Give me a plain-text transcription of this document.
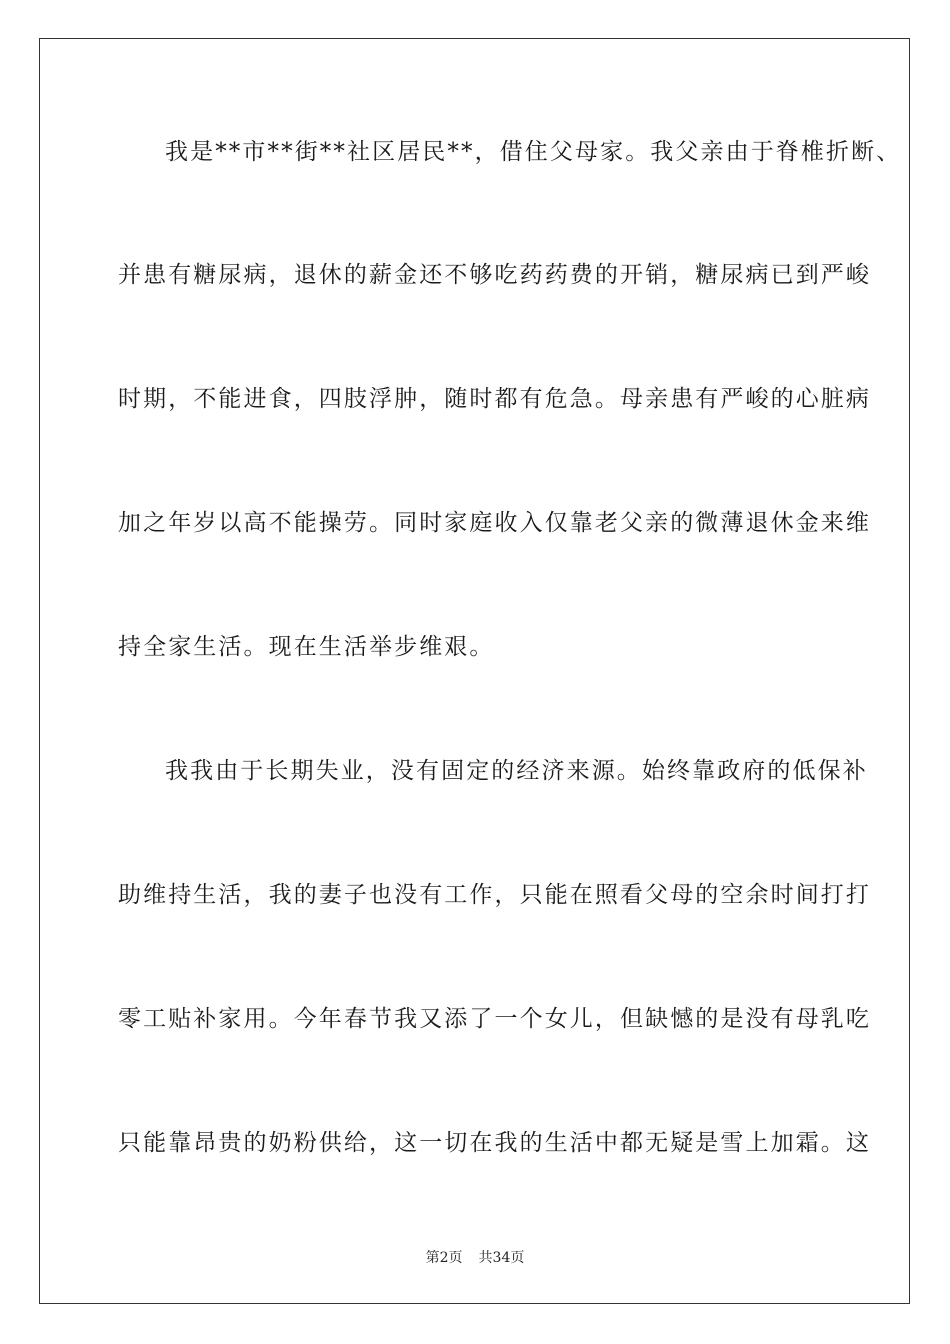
我是**市**街**社区居民**，借住父母家。我父亲由于脊椎折断、
并患有糖尿病，退休的薪金还不够吃药药费的开销，糖尿病已到严峻
时期，不能进食，四肢浮肿，随时都有危急。母亲患有严峻的心脏病
加之年岁以高不能操劳。同时家庭收入仅靠老父亲的微薄退休金来维
持全家生活。现在生活举步维艰。
我我由于长期失业，没有固定的经济来源。始终靠政府的低保补
助维持生活，我的妻子也没有工作，只能在照看父母的空余时间打打
零工贴补家用。今年春节我又添了一个女儿，但缺憾的是没有母乳吃
只能靠昂贵的奶粉供给，这一切在我的生活中都无疑是雪上加霜。这
第2页 共34页
